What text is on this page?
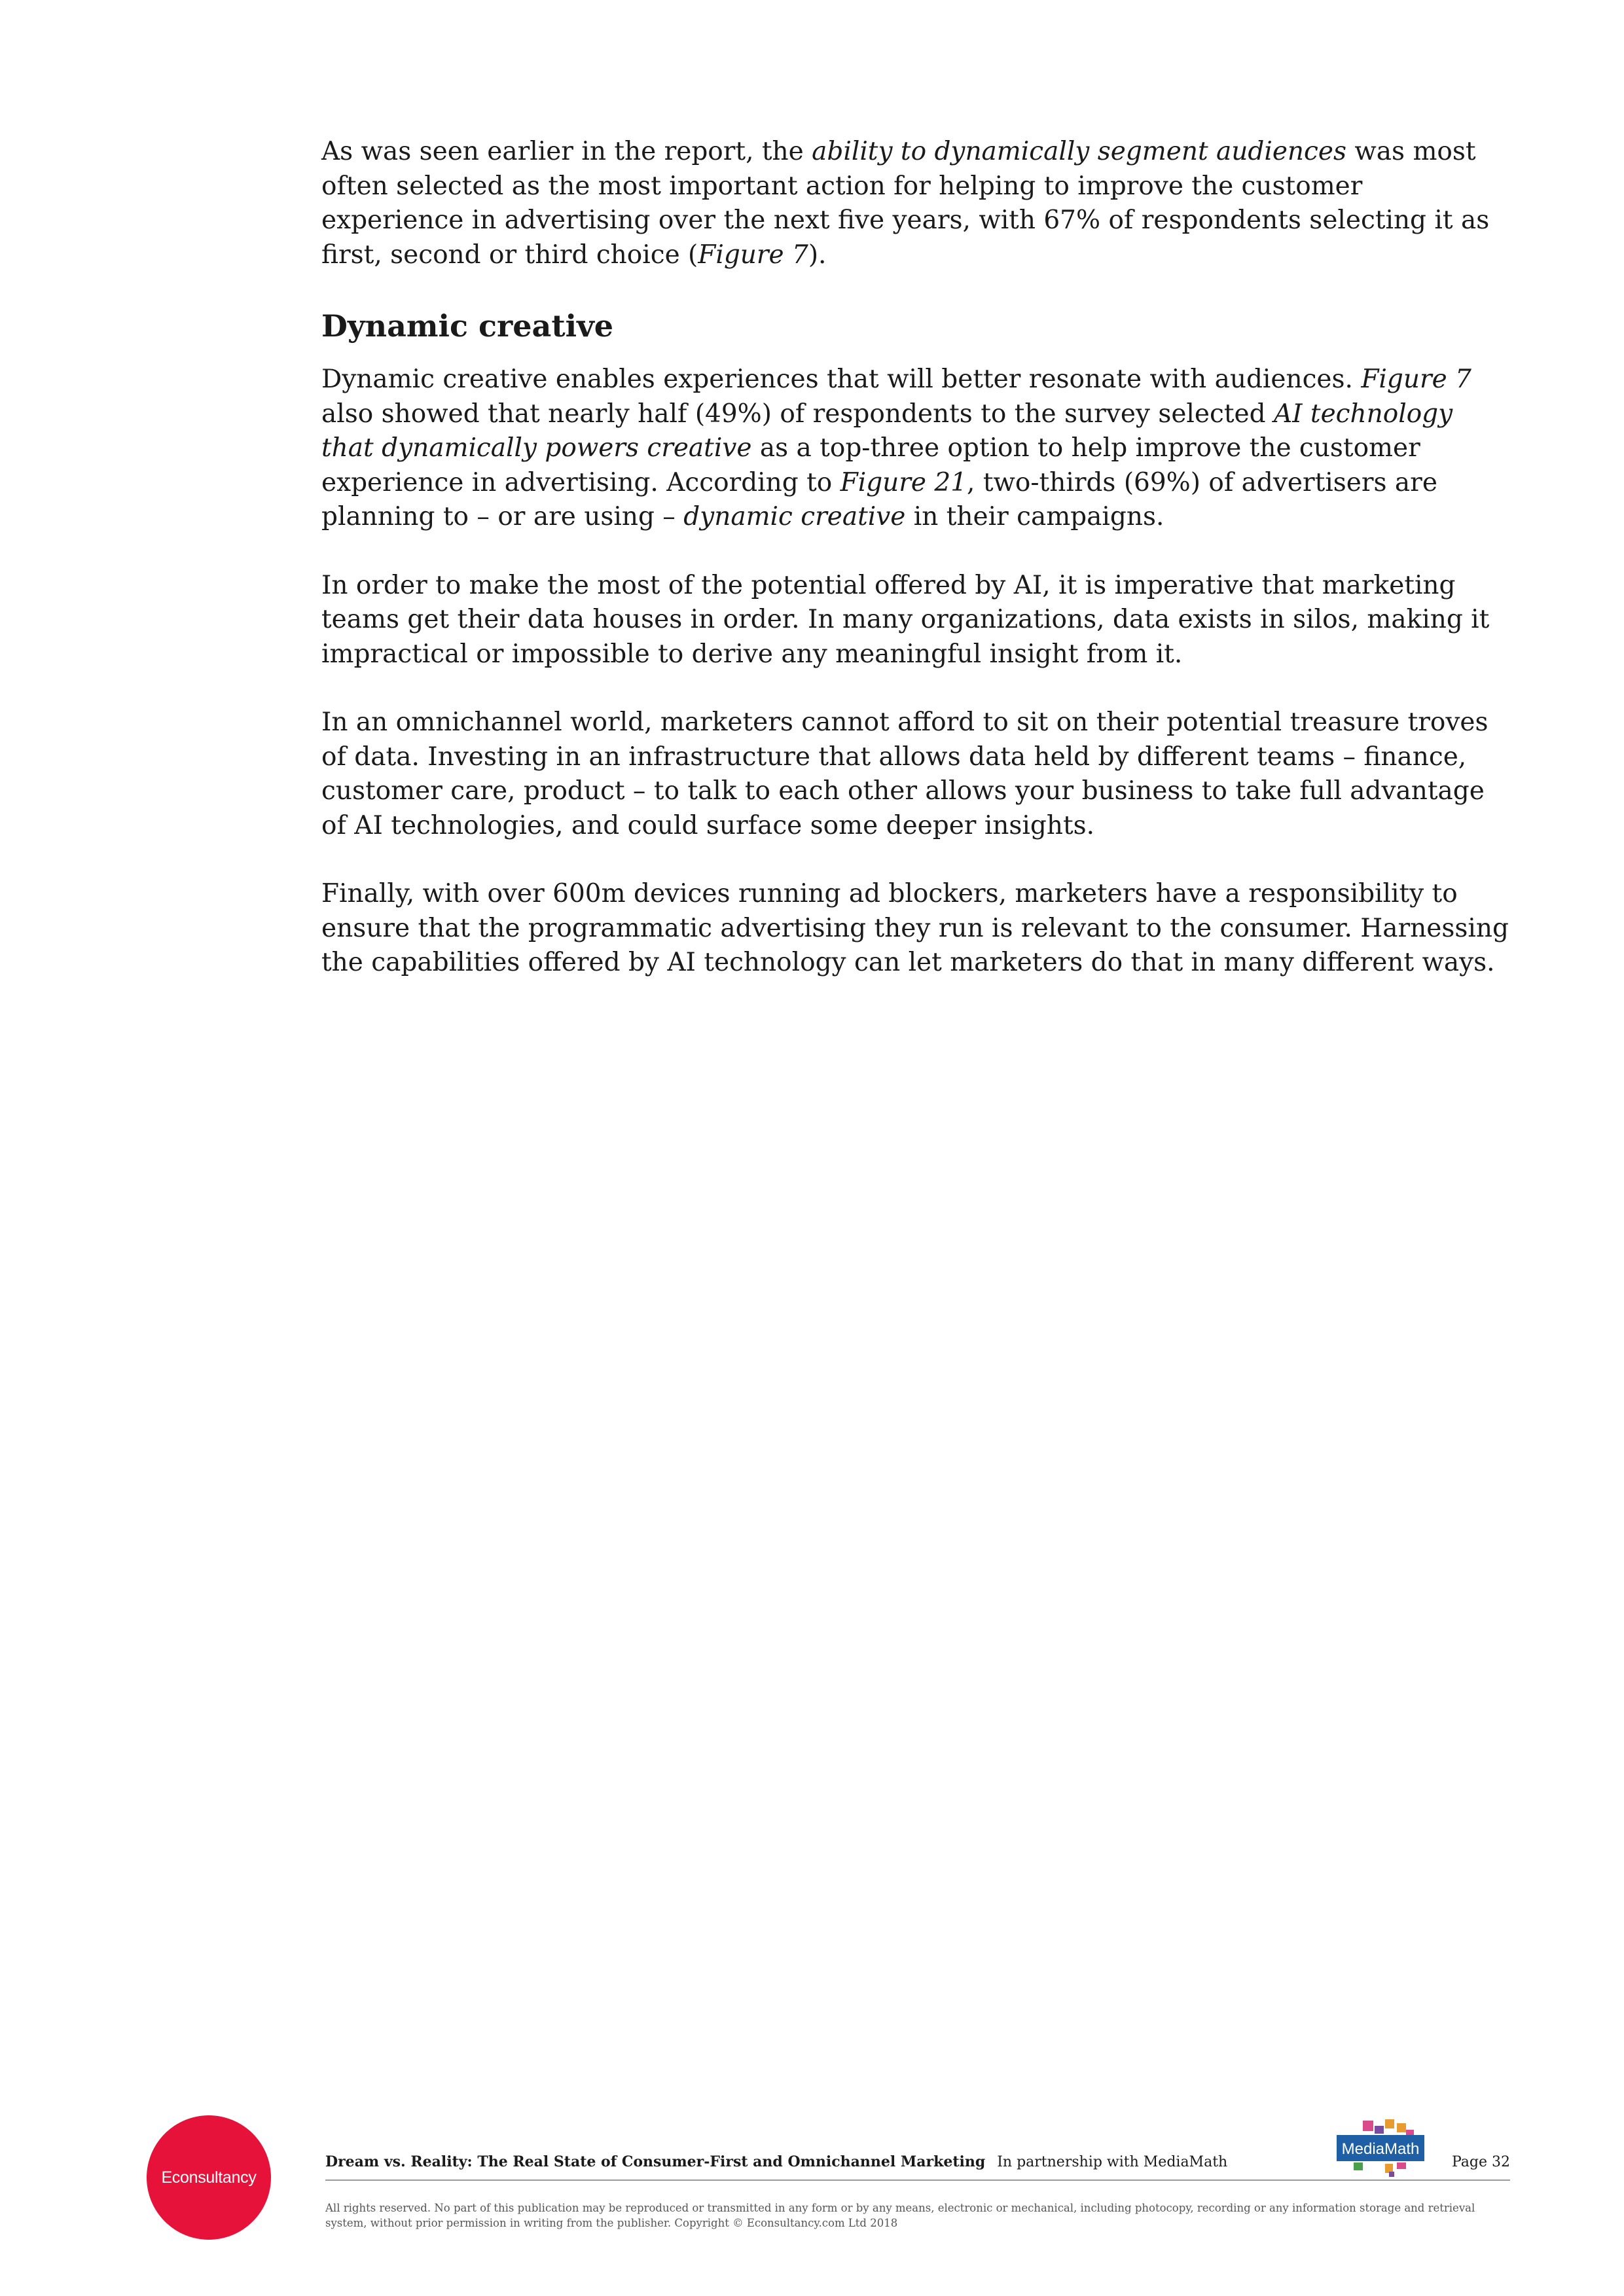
As was seen earlier in the report, the ability to dynamically segment audiences was most often selected as the most important action for helping to improve the customer experience in advertising over the next five years, with 67% of respondents selecting it as first, second or third choice (Figure 7).

Dynamic creative

Dynamic creative enables experiences that will better resonate with audiences. Figure 7 also showed that nearly half (49%) of respondents to the survey selected AI technology that dynamically powers creative as a top-three option to help improve the customer experience in advertising. According to Figure 21, two-thirds (69%) of advertisers are planning to – or are using – dynamic creative in their campaigns.

In order to make the most of the potential offered by AI, it is imperative that marketing teams get their data houses in order. In many organizations, data exists in silos, making it impractical or impossible to derive any meaningful insight from it.

In an omnichannel world, marketers cannot afford to sit on their potential treasure troves of data. Investing in an infrastructure that allows data held by different teams – finance, customer care, product – to talk to each other allows your business to take full advantage of AI technologies, and could surface some deeper insights.

Finally, with over 600m devices running ad blockers, marketers have a responsibility to ensure that the programmatic advertising they run is relevant to the consumer. Harnessing the capabilities offered by AI technology can let marketers do that in many different ways.

Econsultancy
MediaMath
Dream vs. Reality: The Real State of Consumer-First and Omnichannel Marketing In partnership with MediaMath	Page 32
All rights reserved. No part of this publication may be reproduced or transmitted in any form or by any means, electronic or mechanical, including photocopy, recording or any information storage and retrieval system, without prior permission in writing from the publisher. Copyright © Econsultancy.com Ltd 2018
